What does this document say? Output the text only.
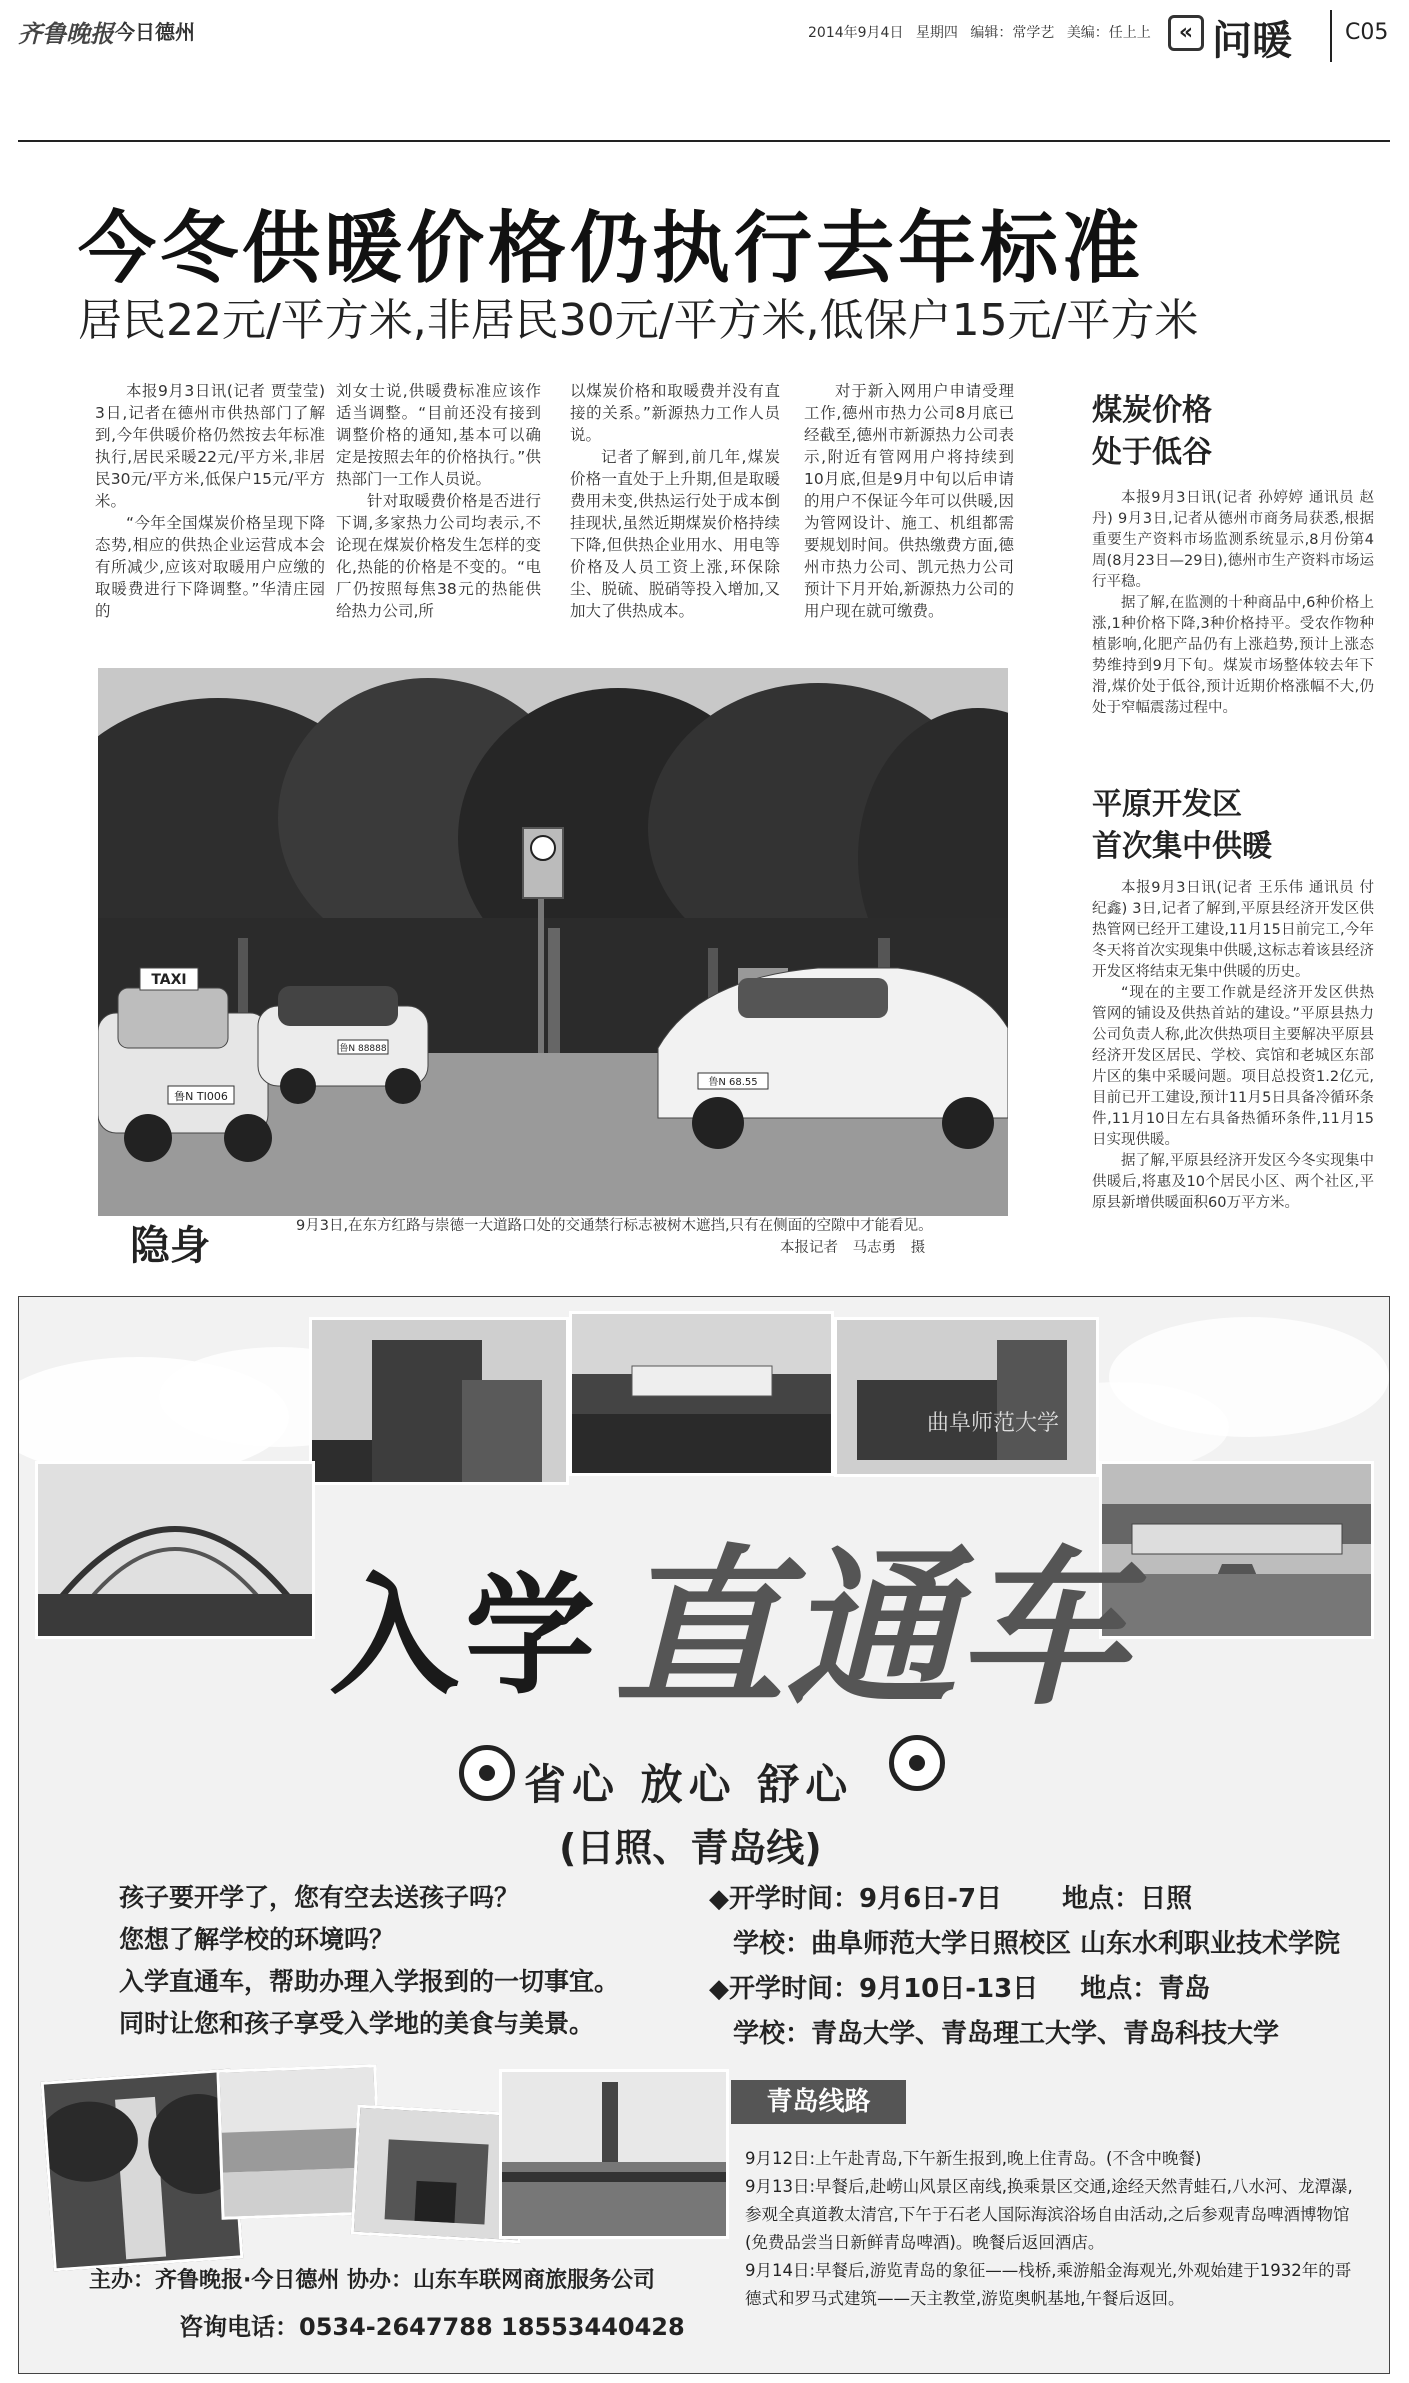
齐鲁晚报 今日德州	2014年9月4日 星期四 编辑：常学艺 美编：任上上	« 问暖 C05
今冬供暖价格仍执行去年标准
居民22元/平方米,非居民30元/平方米,低保户15元/平方米

本报9月3日讯(记者 贾莹莹) 3日,记者在德州市供热部门了解到,今年供暖价格仍然按去年标准执行,居民采暖22元/平方米,非居民30元/平方米,低保户15元/平方米。

“今年全国煤炭价格呈现下降态势,相应的供热企业运营成本会有所减少,应该对取暖用户应缴的取暖费进行下降调整。”华清庄园的

刘女士说,供暖费标准应该作适当调整。“目前还没有接到调整价格的通知,基本可以确定是按照去年的价格执行。”供热部门一工作人员说。

针对取暖费价格是否进行下调,多家热力公司均表示,不论现在煤炭价格发生怎样的变化,热能的价格是不变的。“电厂仍按照每焦38元的热能供给热力公司,所

以煤炭价格和取暖费并没有直接的关系。”新源热力工作人员说。

记者了解到,前几年,煤炭价格一直处于上升期,但是取暖费用未变,供热运行处于成本倒挂现状,虽然近期煤炭价格持续下降,但供热企业用水、用电等价格及人员工资上涨,环保除尘、脱硫、脱硝等投入增加,又加大了供热成本。

对于新入网用户申请受理工作,德州市热力公司8月底已经截至,德州市新源热力公司表示,附近有管网用户将持续到10月底,但是9月中旬以后申请的用户不保证今年可以供暖,因为管网设计、施工、机组都需要规划时间。供热缴费方面,德州市热力公司、凯元热力公司预计下月开始,新源热力公司的用户现在就可缴费。

煤炭价格
处于低谷

本报9月3日讯(记者 孙婷婷 通讯员 赵丹) 9月3日,记者从德州市商务局获悉,根据重要生产资料市场监测系统显示,8月份第4周(8月23日—29日),德州市生产资料市场运行平稳。

据了解,在监测的十种商品中,6种价格上涨,1种价格下降,3种价格持平。受农作物种植影响,化肥产品仍有上涨趋势,预计上涨态势维持到9月下旬。煤炭市场整体较去年下滑,煤价处于低谷,预计近期价格涨幅不大,仍处于窄幅震荡过程中。

平原开发区
首次集中供暖

本报9月3日讯(记者 王乐伟 通讯员 付纪鑫) 3日,记者了解到,平原县经济开发区供热管网已经开工建设,11月15日前完工,今年冬天将首次实现集中供暖,这标志着该县经济开发区将结束无集中供暖的历史。

“现在的主要工作就是经济开发区供热管网的铺设及供热首站的建设。”平原县热力公司负责人称,此次供热项目主要解决平原县经济开发区居民、学校、宾馆和老城区东部片区的集中采暖问题。项目总投资1.2亿元,目前已开工建设,预计11月5日具备冷循环条件,11月10日左右具备热循环条件,11月15日实现供暖。

据了解,平原县经济开发区今冬实现集中供暖后,将惠及10个居民小区、两个社区,平原县新增供暖面积60万平方米。

TAXI
鲁N TI006
鲁N 88888
鲁N 68.55
隐身	9月3日,在东方红路与崇德一大道路口处的交通禁行标志被树木遮挡,只有在侧面的空隙中才能看见。
本报记者 马志勇 摄
曲阜师范大学
入学 直通车
省心 放心 舒心
(日照、青岛线)
孩子要开学了，您有空去送孩子吗？
您想了解学校的环境吗？
入学直通车，帮助办理入学报到的一切事宜。
同时让您和孩子享受入学地的美食与美景。
◆开学时间：9月6日-7日 地点：日照
学校：曲阜师范大学日照校区 山东水利职业技术学院
◆开学时间：9月10日-13日 地点：青岛
学校：青岛大学、青岛理工大学、青岛科技大学
青岛线路

9月12日:上午赴青岛,下午新生报到,晚上住青岛。(不含中晚餐)

9月13日:早餐后,赴崂山风景区南线,换乘景区交通,途经天然青蛙石,八水河、龙潭瀑,参观全真道教太清宫,下午于石老人国际海滨浴场自由活动,之后参观青岛啤酒博物馆(免费品尝当日新鲜青岛啤酒)。晚餐后返回酒店。

9月14日:早餐后,游览青岛的象征——栈桥,乘游船金海观光,外观始建于1932年的哥德式和罗马式建筑——天主教堂,游览奥帆基地,午餐后返回。

主办：齐鲁晚报·今日德州 协办：山东车联网商旅服务公司
咨询电话：0534-2647788 18553440428
